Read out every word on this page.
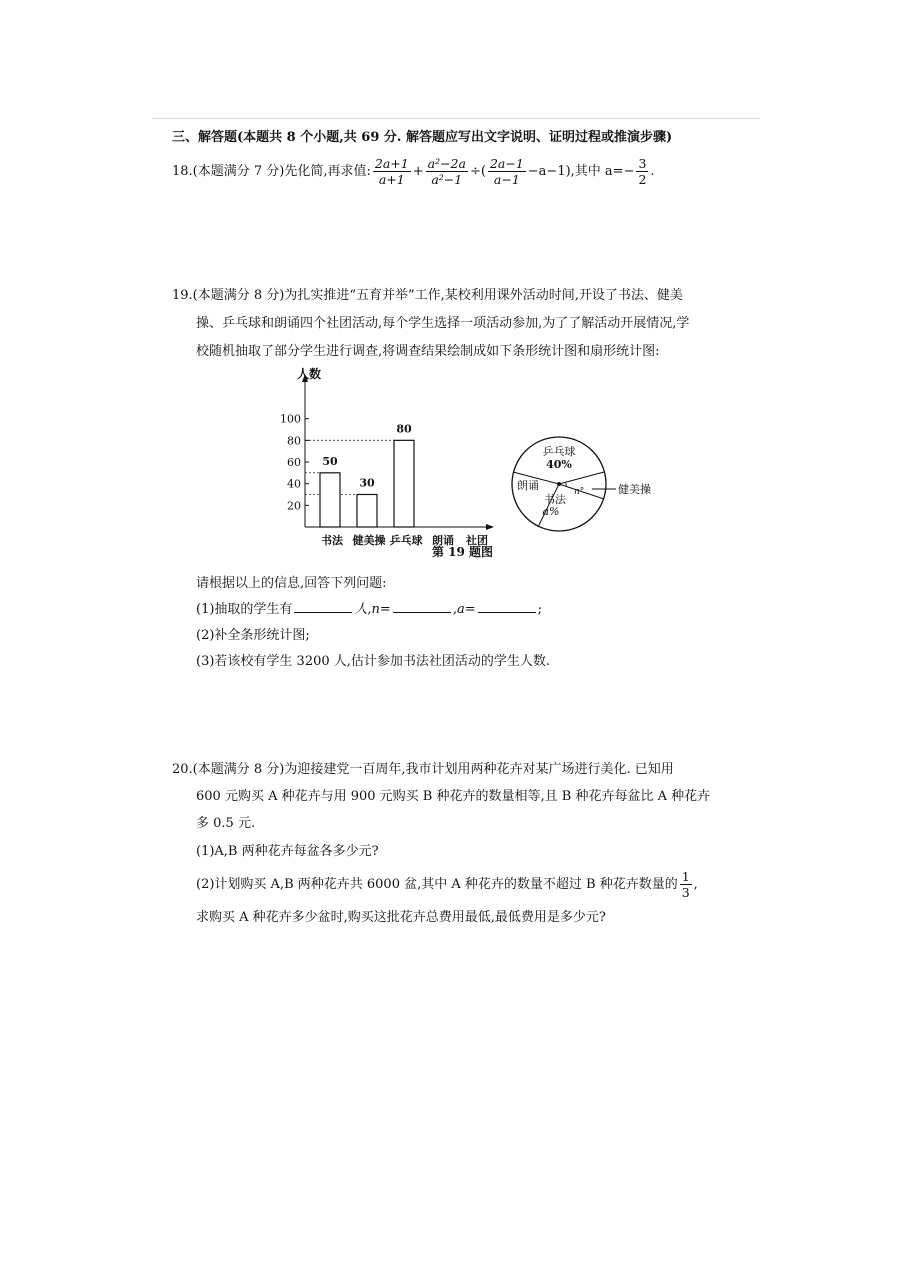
三、解答题(本题共 8 个小题,共 69 分. 解答题应写出文字说明、证明过程或推演步骤)
18.(本题满分 7 分)先化简,再求值: $\frac{2a+1}{a+1} + \frac{\text{a²−2a}}{\text{a²−1}}$ ÷( $\frac{2a-1}{a-1} -a-1$),其中 $a=- \frac{3}{2}$ .
19.(本题满分 8 分)为扎实推进“五育并举”工作,某校利用课外活动时间,开设了书法、健美
操、乒乓球和朗诵四个社团活动,每个学生选择一项活动参加,为了了解活动开展情况,学
校随机抽取了部分学生进行调查,将调查结果绘制成如下条形统计图和扇形统计图:
人数
社团
20
40
60
80
100
50
30
80
书法 健美操 乒乓球 朗诵
乒乓球
40%
朗诵
书法
a%
n°	健美操
第 19 题图
请根据以上的信息,回答下列问题:
(1)抽取的学生有	人,n=	,a=	;
(2)补全条形统计图;
(3)若该校有学生 3200 人,估计参加书法社团活动的学生人数.
20.(本题满分 8 分)为迎接建党一百周年,我市计划用两种花卉对某广场进行美化. 已知用
600 元购买 A 种花卉与用 900 元购买 B 种花卉的数量相等,且 B 种花卉每盆比 A 种花卉
多 0.5 元.
(1)A,B 两种花卉每盆各多少元?
(2)计划购买 A,B 两种花卉共 6000 盆,其中 A 种花卉的数量不超过 B 种花卉数量的 $\frac{1}{3}$ ,
求购买 A 种花卉多少盆时,购买这批花卉总费用最低,最低费用是多少元?
